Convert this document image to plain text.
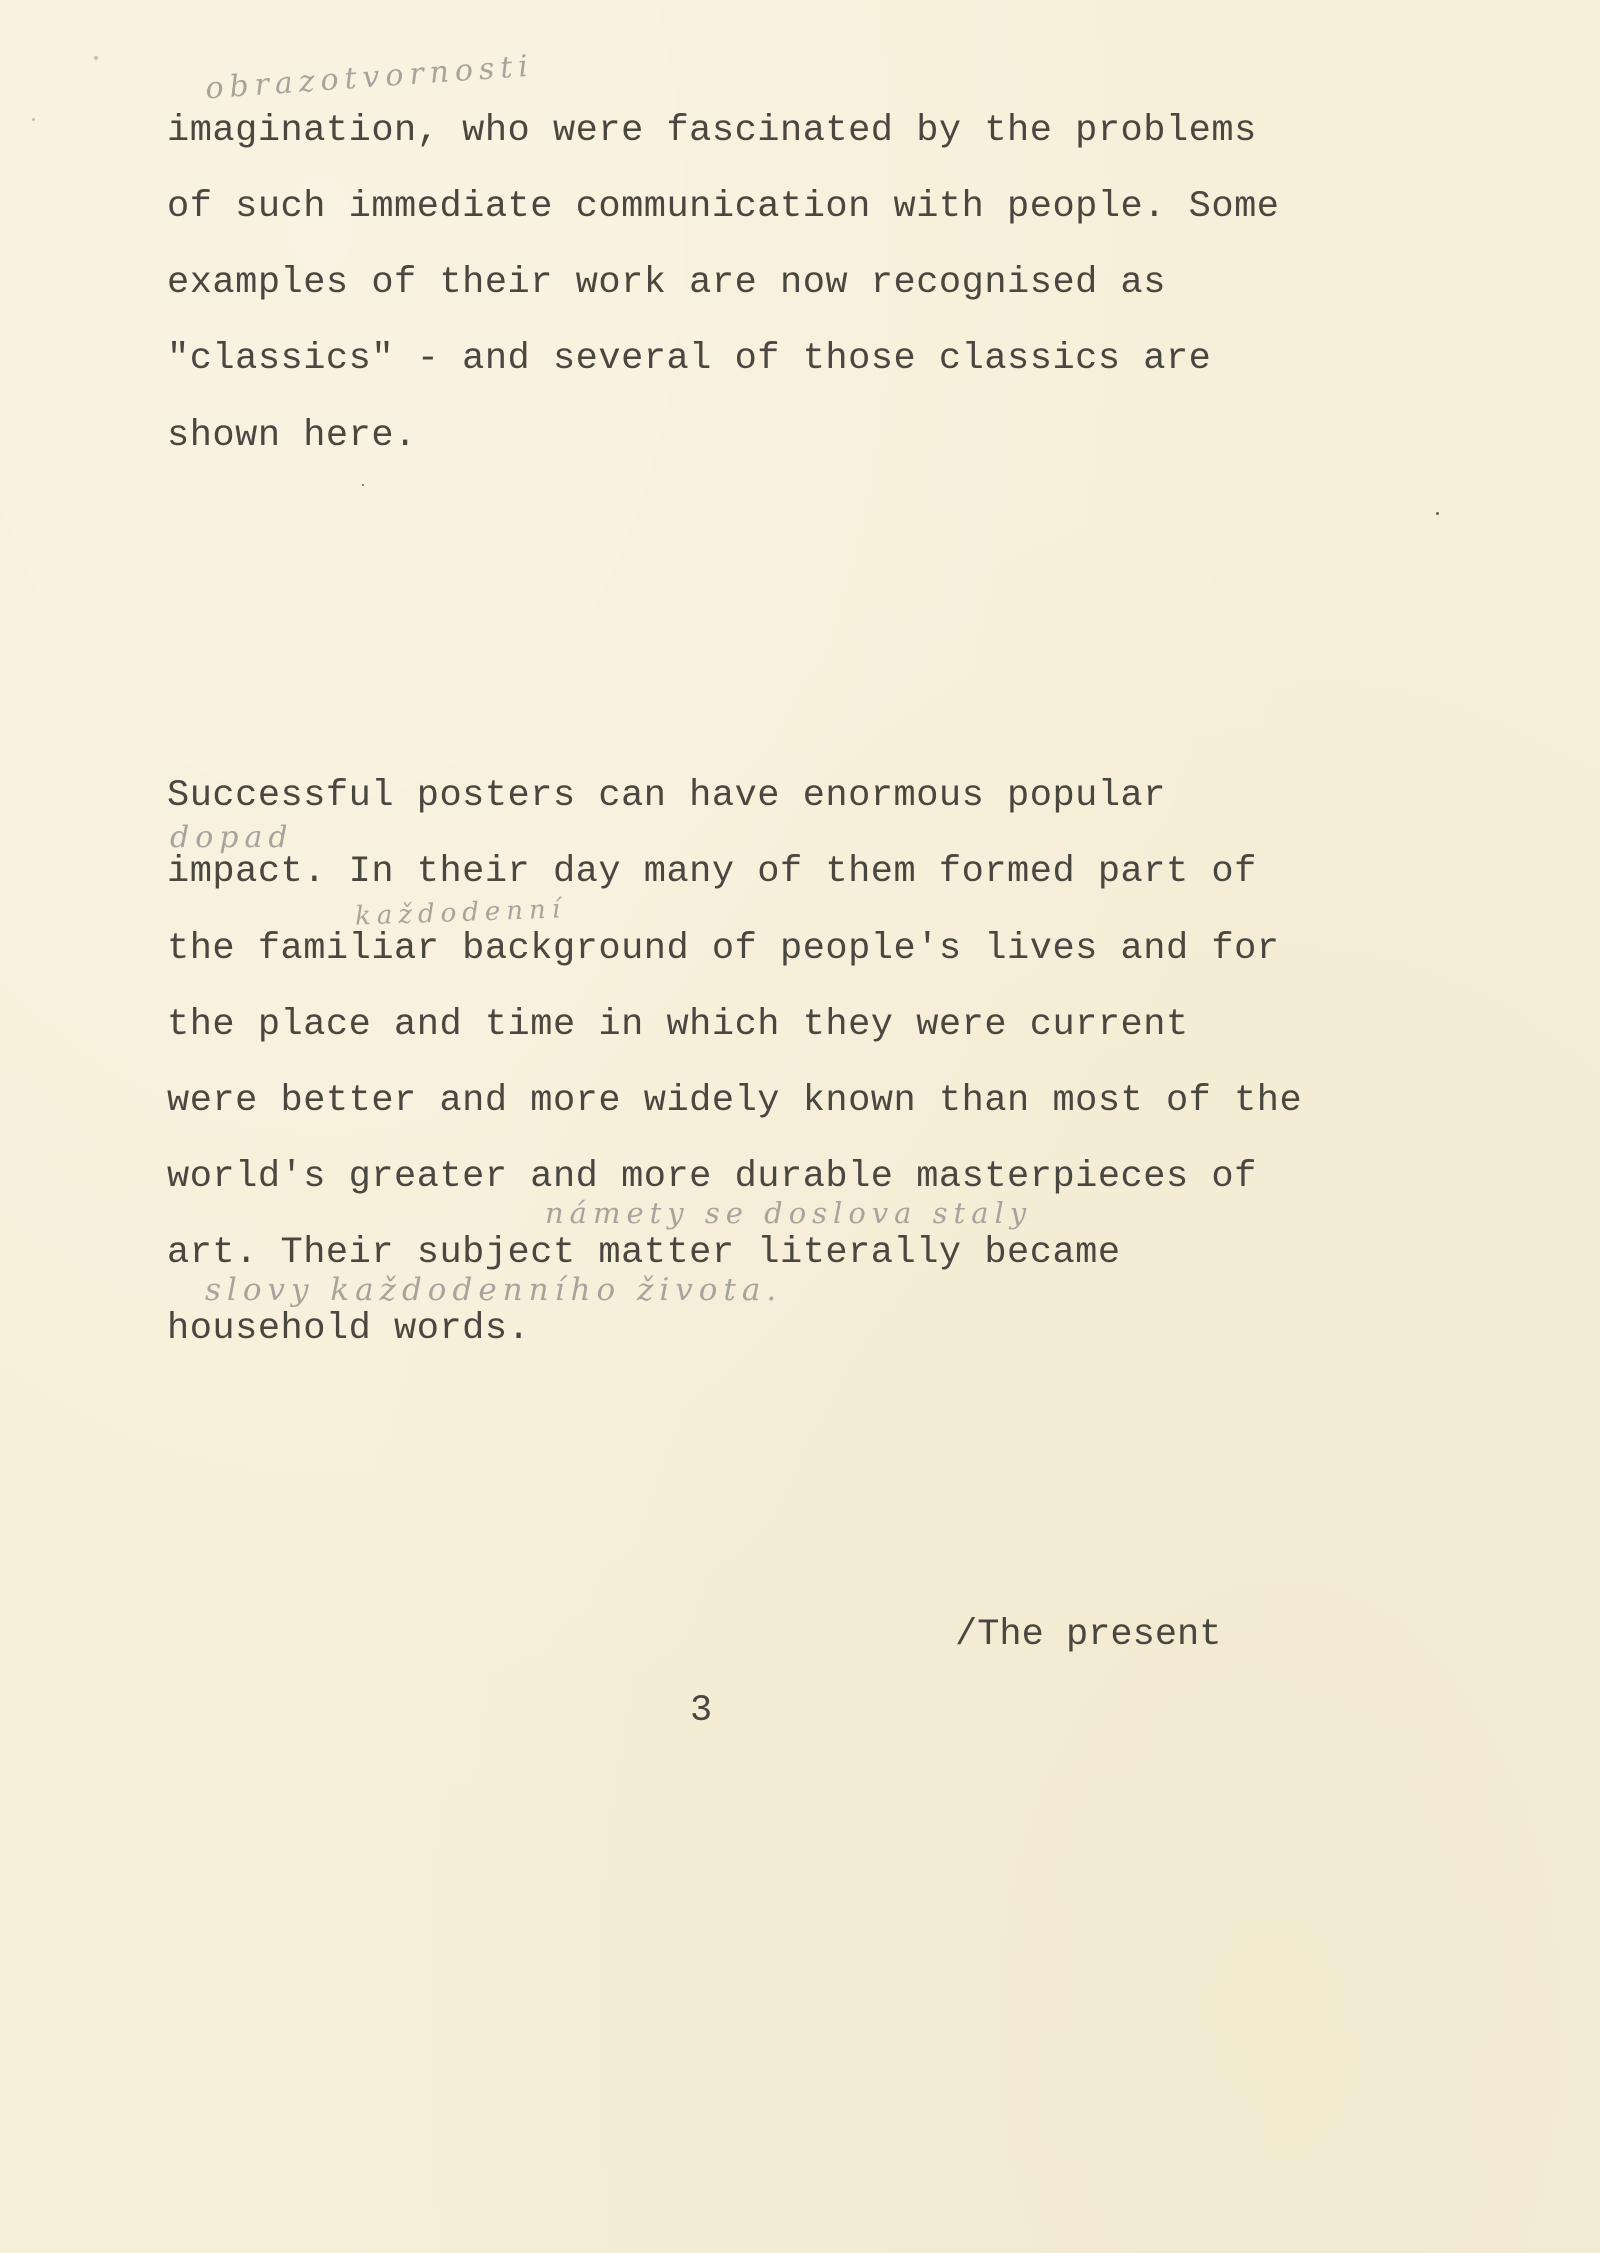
obrazotvornosti
imagination, who were fascinated by the problems
of such immediate communication with people. Some
examples of their work are now recognised as
"classics" - and several of those classics are
shown here.
dopad
každodenní
námety se doslova staly
slovy každodenního života.
Successful posters can have enormous popular
impact. In their day many of them formed part of
the familiar background of people's lives and for
the place and time in which they were current
were better and more widely known than most of the
world's greater and more durable masterpieces of
art. Their subject matter literally became
household words.
/The present
3
